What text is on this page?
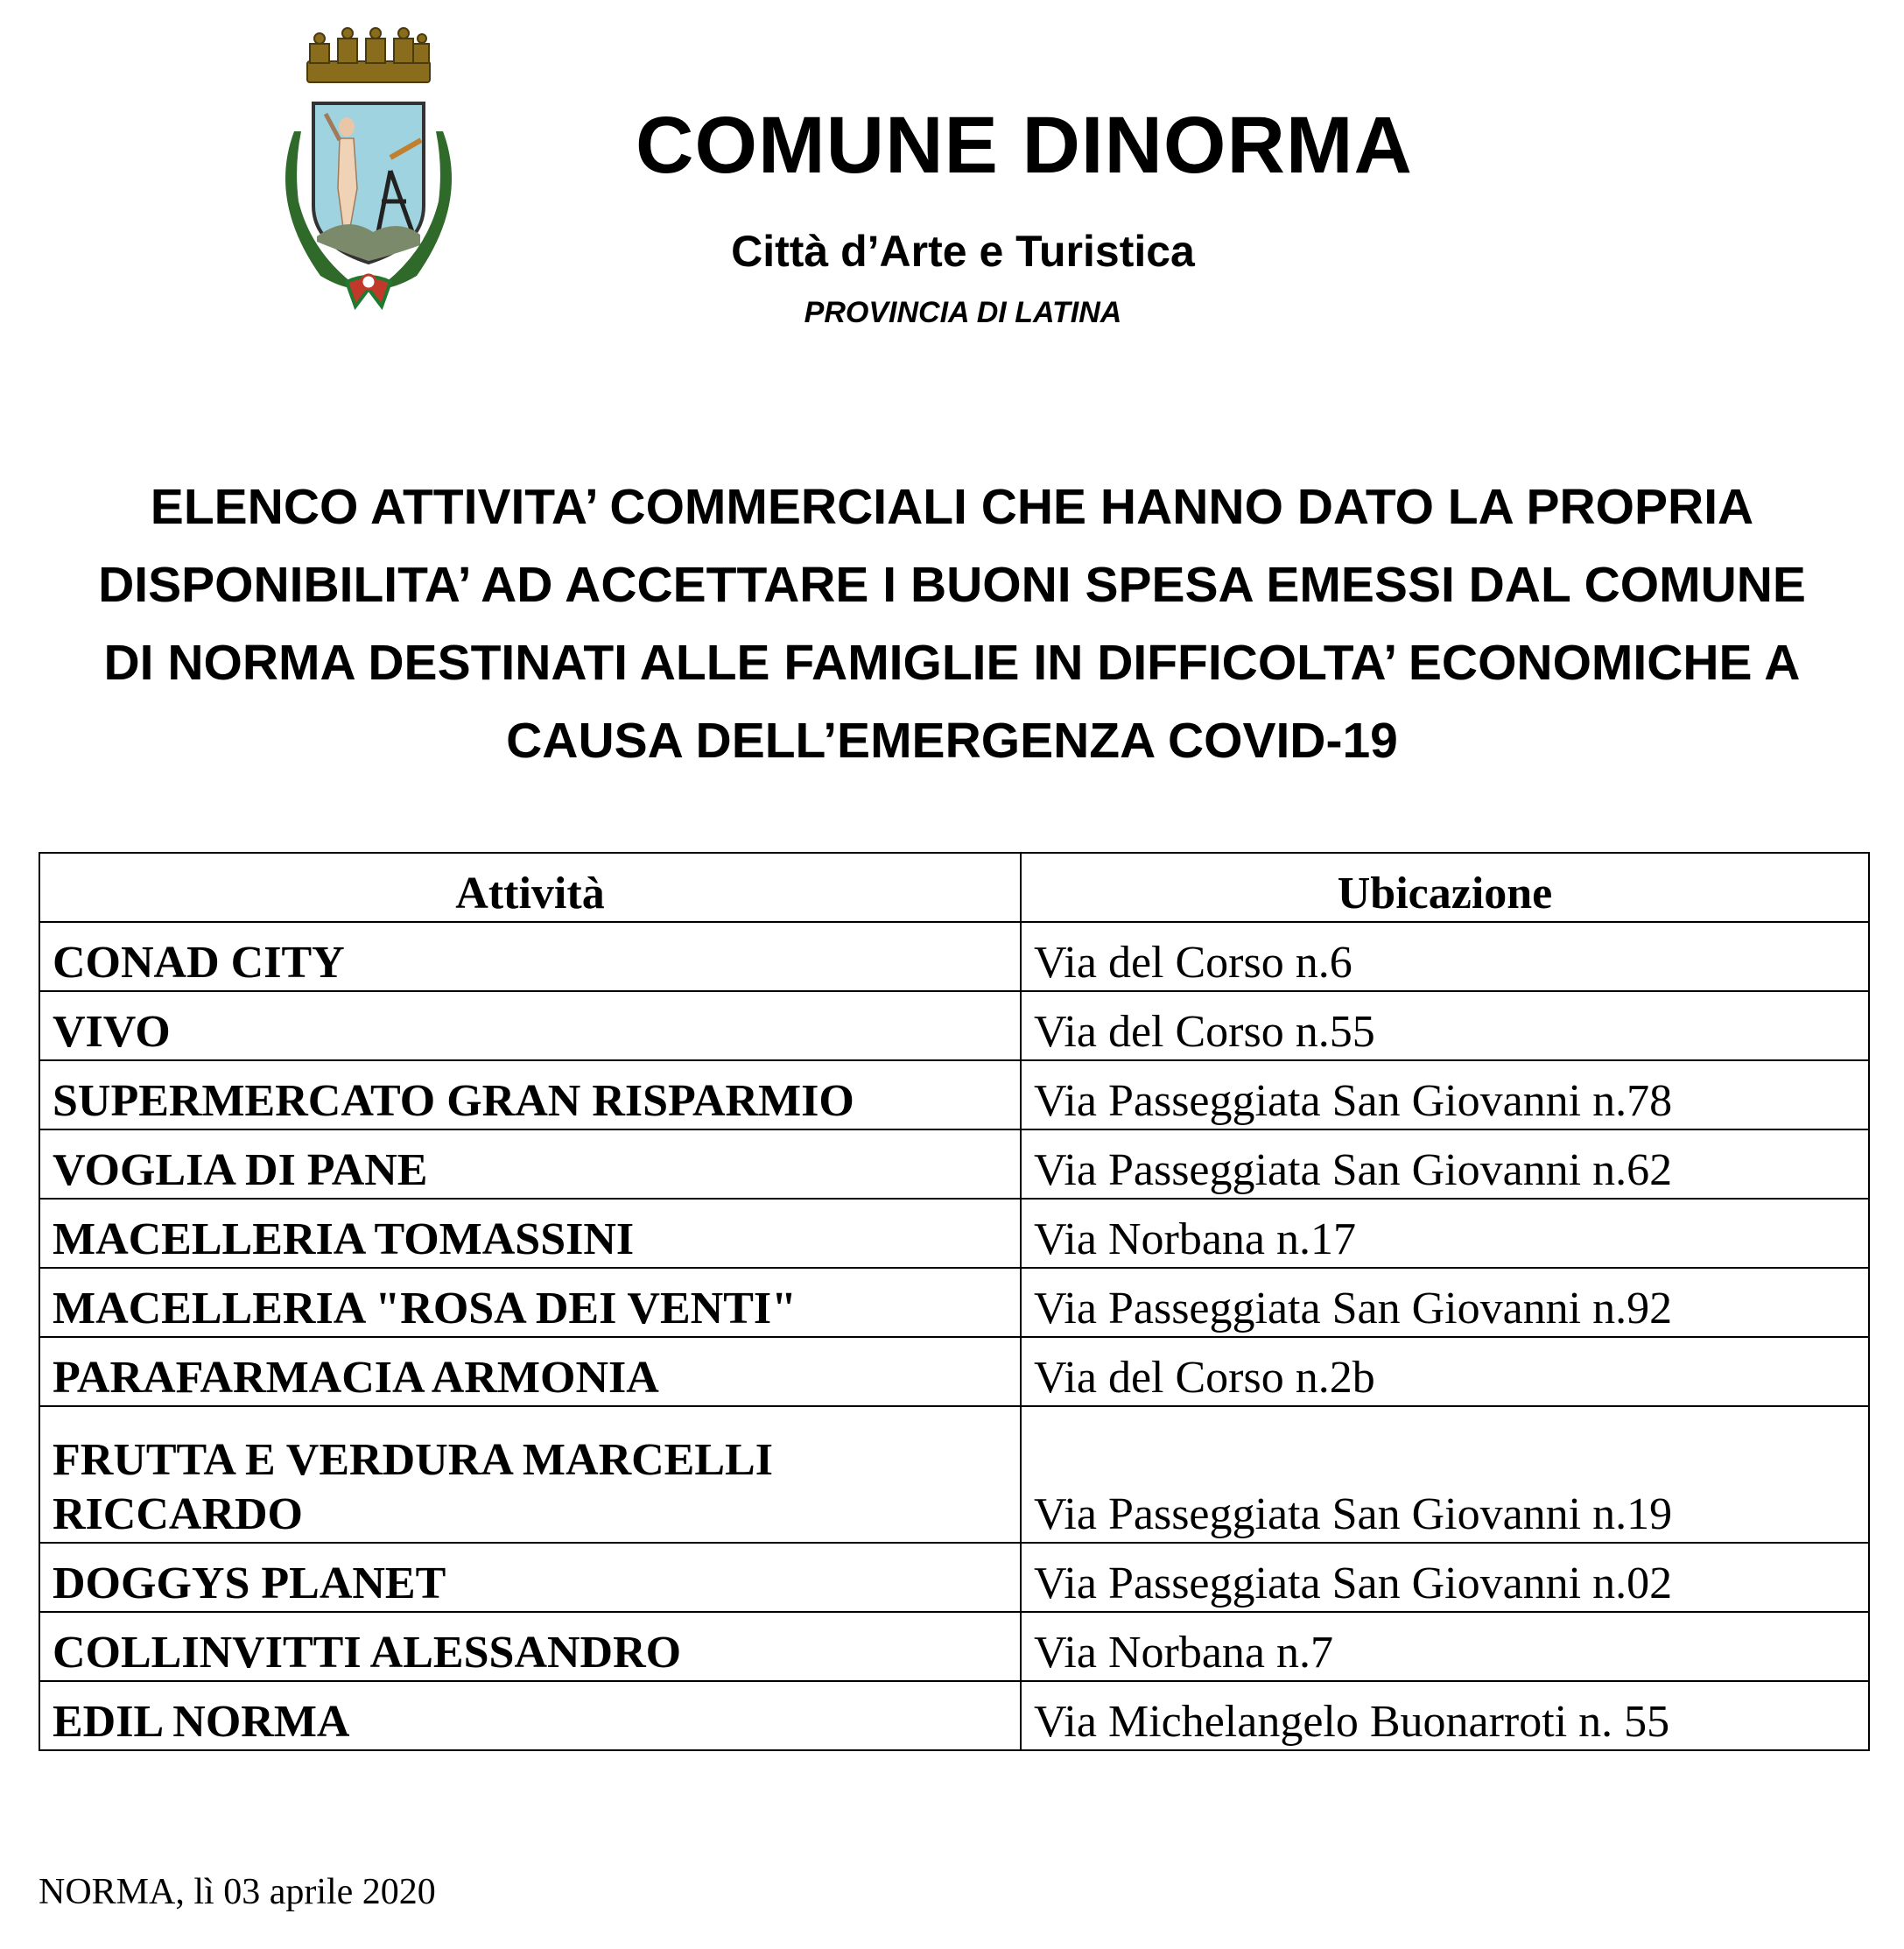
COMUNE DINORMA
Città d’Arte e Turistica
PROVINCIA DI LATINA
ELENCO ATTIVITA’ COMMERCIALI CHE HANNO DATO LA PROPRIA
DISPONIBILITA’ AD ACCETTARE I BUONI SPESA EMESSI DAL COMUNE
DI NORMA DESTINATI ALLE FAMIGLIE IN DIFFICOLTA’ ECONOMICHE A
CAUSA DELL’EMERGENZA COVID-19
Attività	Ubicazione
CONAD CITY	Via del Corso n.6
VIVO	Via del Corso n.55
SUPERMERCATO GRAN RISPARMIO	Via Passeggiata San Giovanni n.78
VOGLIA DI PANE	Via Passeggiata San Giovanni n.62
MACELLERIA TOMASSINI	Via Norbana n.17
MACELLERIA "ROSA DEI VENTI"	Via Passeggiata San Giovanni n.92
PARAFARMACIA ARMONIA	Via del Corso n.2b

FRUTTA E VERDURA MARCELLI
RICCARDO	Via Passeggiata San Giovanni n.19
DOGGYS PLANET	Via Passeggiata San Giovanni n.02
COLLINVITTI ALESSANDRO	Via Norbana n.7
EDIL NORMA	Via Michelangelo Buonarroti n. 55
NORMA, lì 03 aprile 2020
